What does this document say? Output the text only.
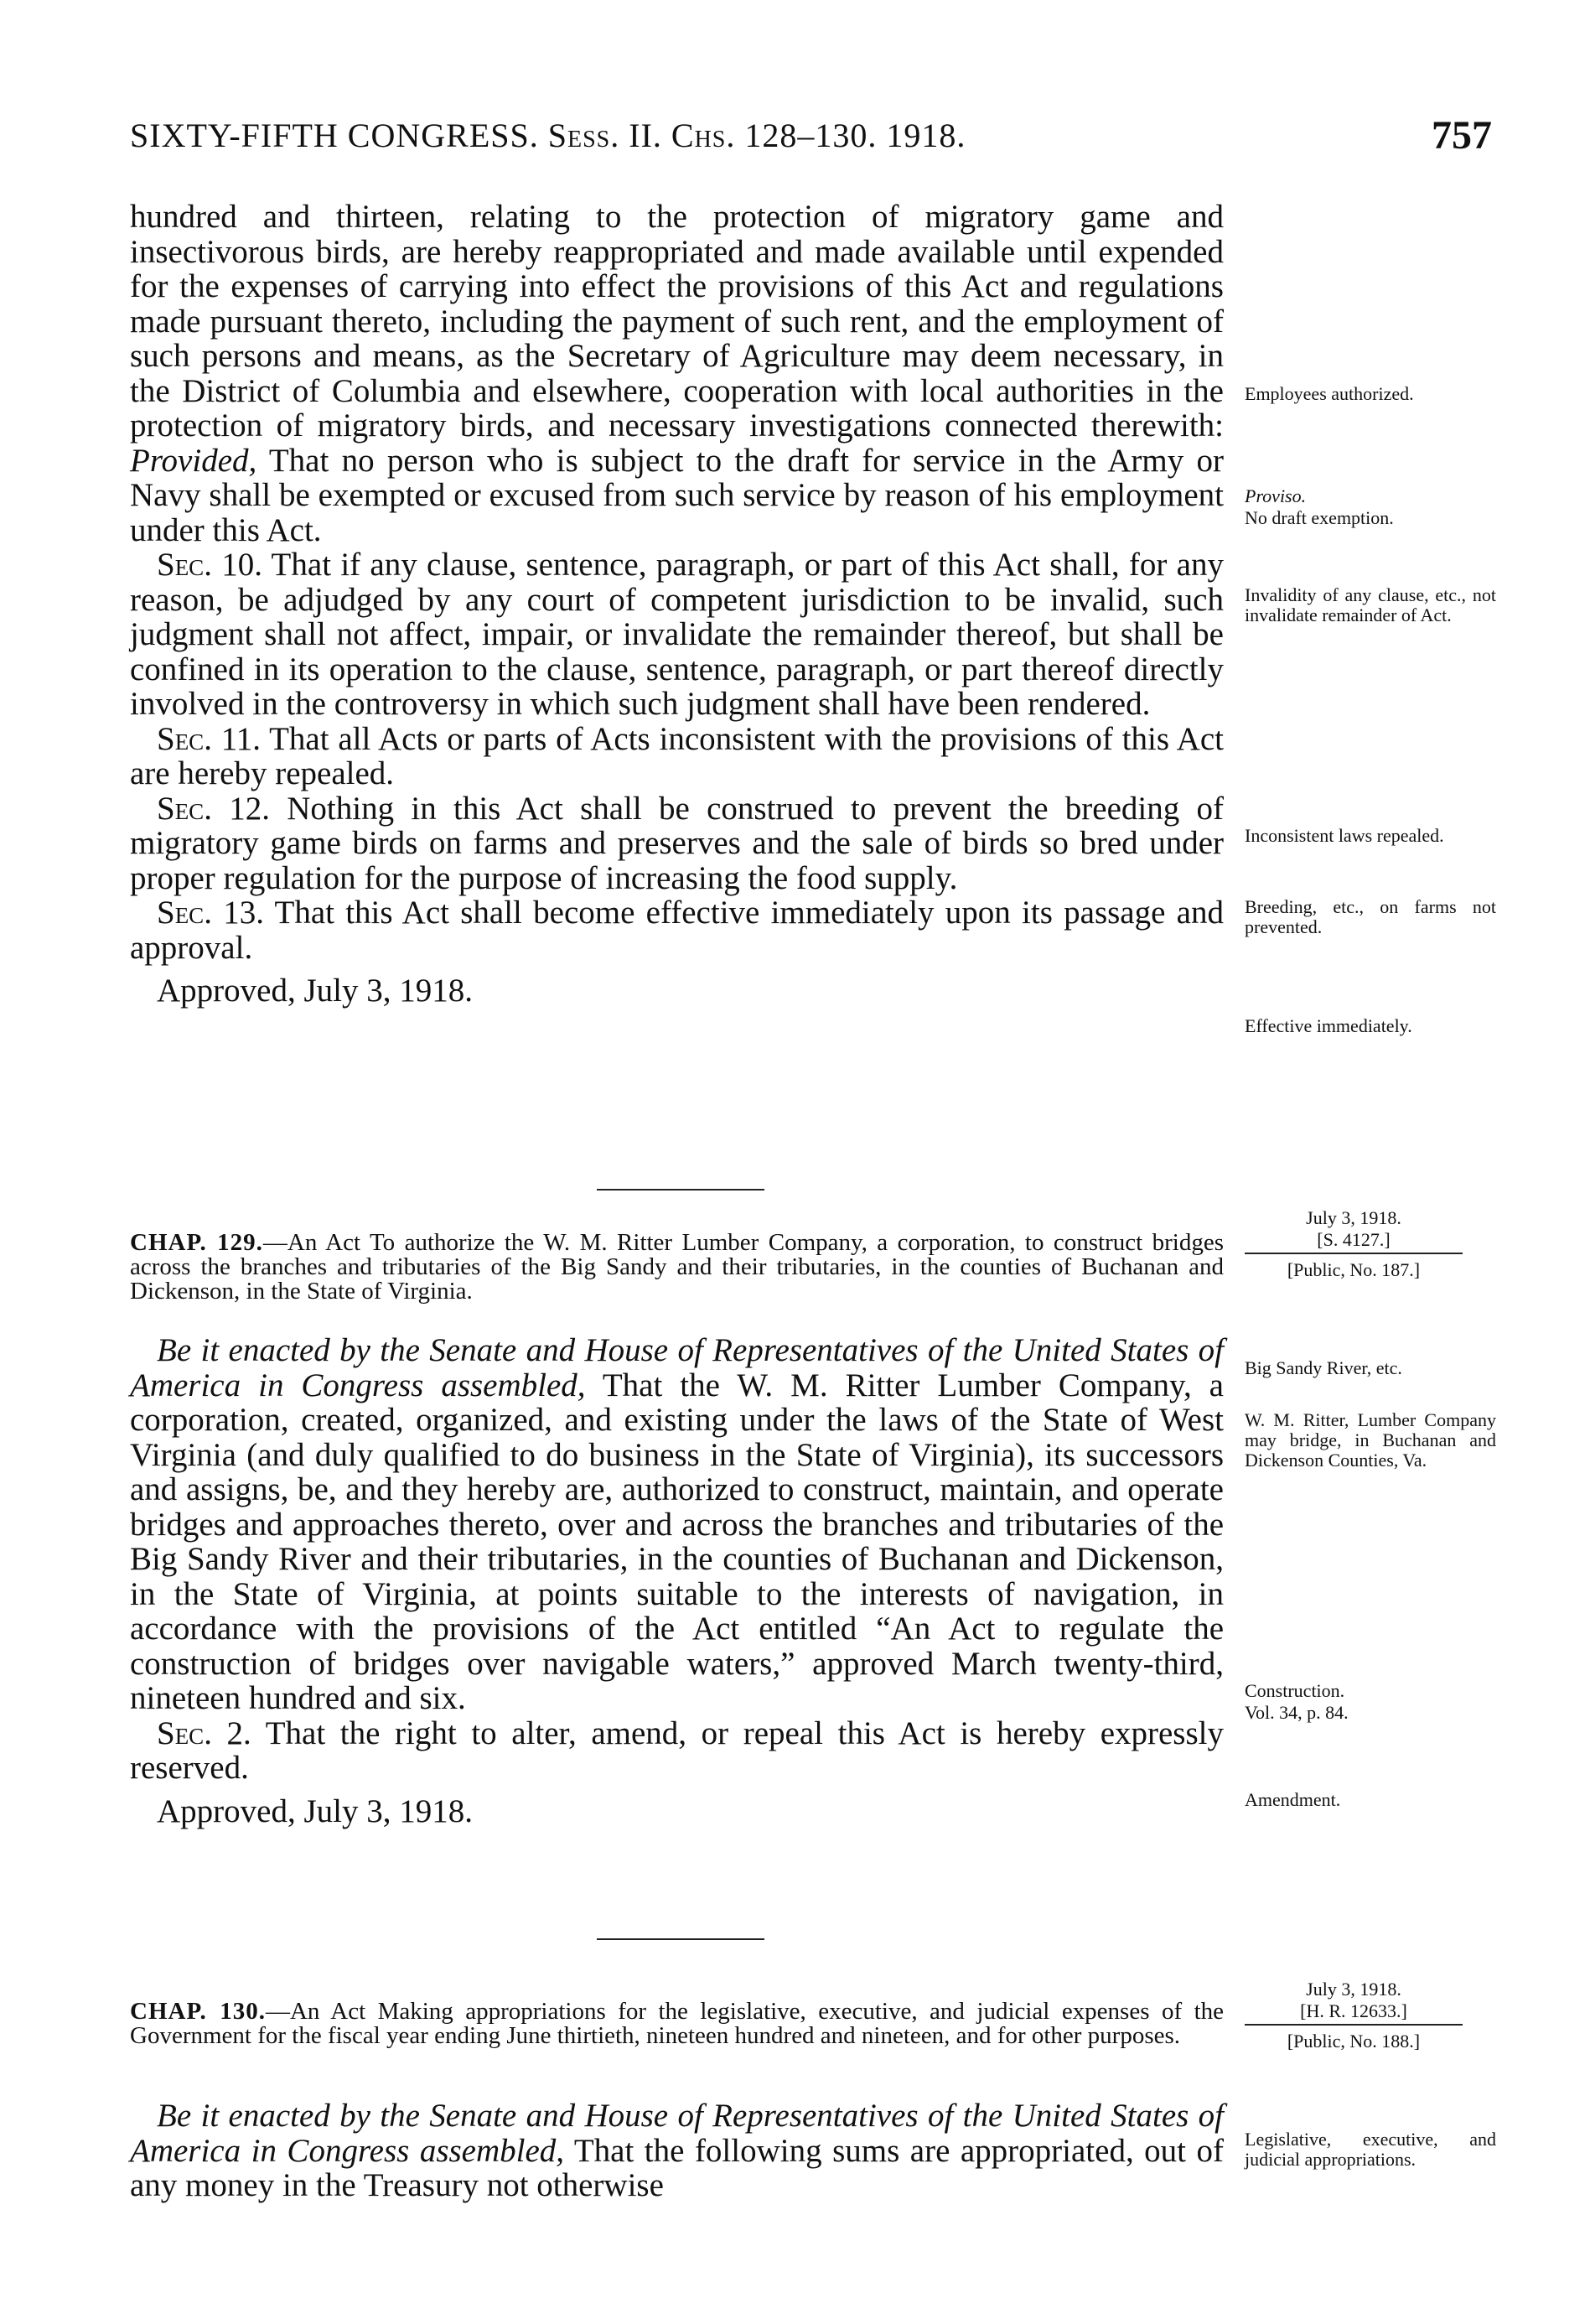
SIXTY-FIFTH CONGRESS. Sess. II. Chs. 128–130. 1918.	757

hundred and thirteen, relating to the protection of migratory game and insectivorous birds, are hereby reappropriated and made available until expended for the expenses of carrying into effect the provisions of this Act and regulations made pursuant thereto, including the payment of such rent, and the employment of such persons and means, as the Secretary of Agriculture may deem necessary, in the District of Columbia and elsewhere, cooperation with local authorities in the protection of migratory birds, and necessary investigations connected therewith: Provided, That no person who is subject to the draft for service in the Army or Navy shall be exempted or excused from such service by reason of his employment under this Act.

Sec. 10. That if any clause, sentence, paragraph, or part of this Act shall, for any reason, be adjudged by any court of competent jurisdiction to be invalid, such judgment shall not affect, impair, or invalidate the remainder thereof, but shall be confined in its operation to the clause, sentence, paragraph, or part thereof directly involved in the controversy in which such judgment shall have been rendered.

Sec. 11. That all Acts or parts of Acts inconsistent with the provisions of this Act are hereby repealed.

Sec. 12. Nothing in this Act shall be construed to prevent the breeding of migratory game birds on farms and preserves and the sale of birds so bred under proper regulation for the purpose of increasing the food supply.

Sec. 13. That this Act shall become effective immediately upon its passage and approval.

Approved, July 3, 1918.

CHAP. 129.—An Act To authorize the W. M. Ritter Lumber Company, a corporation, to construct bridges across the branches and tributaries of the Big Sandy and their tributaries, in the counties of Buchanan and Dickenson, in the State of Virginia.

Be it enacted by the Senate and House of Representatives of the United States of America in Congress assembled, That the W. M. Ritter Lumber Company, a corporation, created, organized, and existing under the laws of the State of West Virginia (and duly qualified to do business in the State of Virginia), its successors and assigns, be, and they hereby are, authorized to construct, maintain, and operate bridges and approaches thereto, over and across the branches and tributaries of the Big Sandy River and their tributaries, in the counties of Buchanan and Dickenson, in the State of Virginia, at points suitable to the interests of navigation, in accordance with the provisions of the Act entitled “An Act to regulate the construction of bridges over navigable waters,” approved March twenty-third, nineteen hundred and six.

Sec. 2. That the right to alter, amend, or repeal this Act is hereby expressly reserved.

Approved, July 3, 1918.

CHAP. 130.—An Act Making appropriations for the legislative, executive, and judicial expenses of the Government for the fiscal year ending June thirtieth, nineteen hundred and nineteen, and for other purposes.

Be it enacted by the Senate and House of Representatives of the United States of America in Congress assembled, That the following sums are appropriated, out of any money in the Treasury not otherwise

Employees authorized.

Proviso.

No draft exemption.

Invalidity of any clause, etc., not invalidate remainder of Act.

Inconsistent laws repealed.

Breeding, etc., on farms not prevented.

Effective immediately.

July 3, 1918.
[S. 4127.]
[Public, No. 187.]

Big Sandy River, etc.

W. M. Ritter, Lumber Company may bridge, in Buchanan and Dickenson Counties, Va.

Construction.

Vol. 34, p. 84.

Amendment.

July 3, 1918.
[H. R. 12633.]
[Public, No. 188.]

Legislative, executive, and judicial appropriations.
